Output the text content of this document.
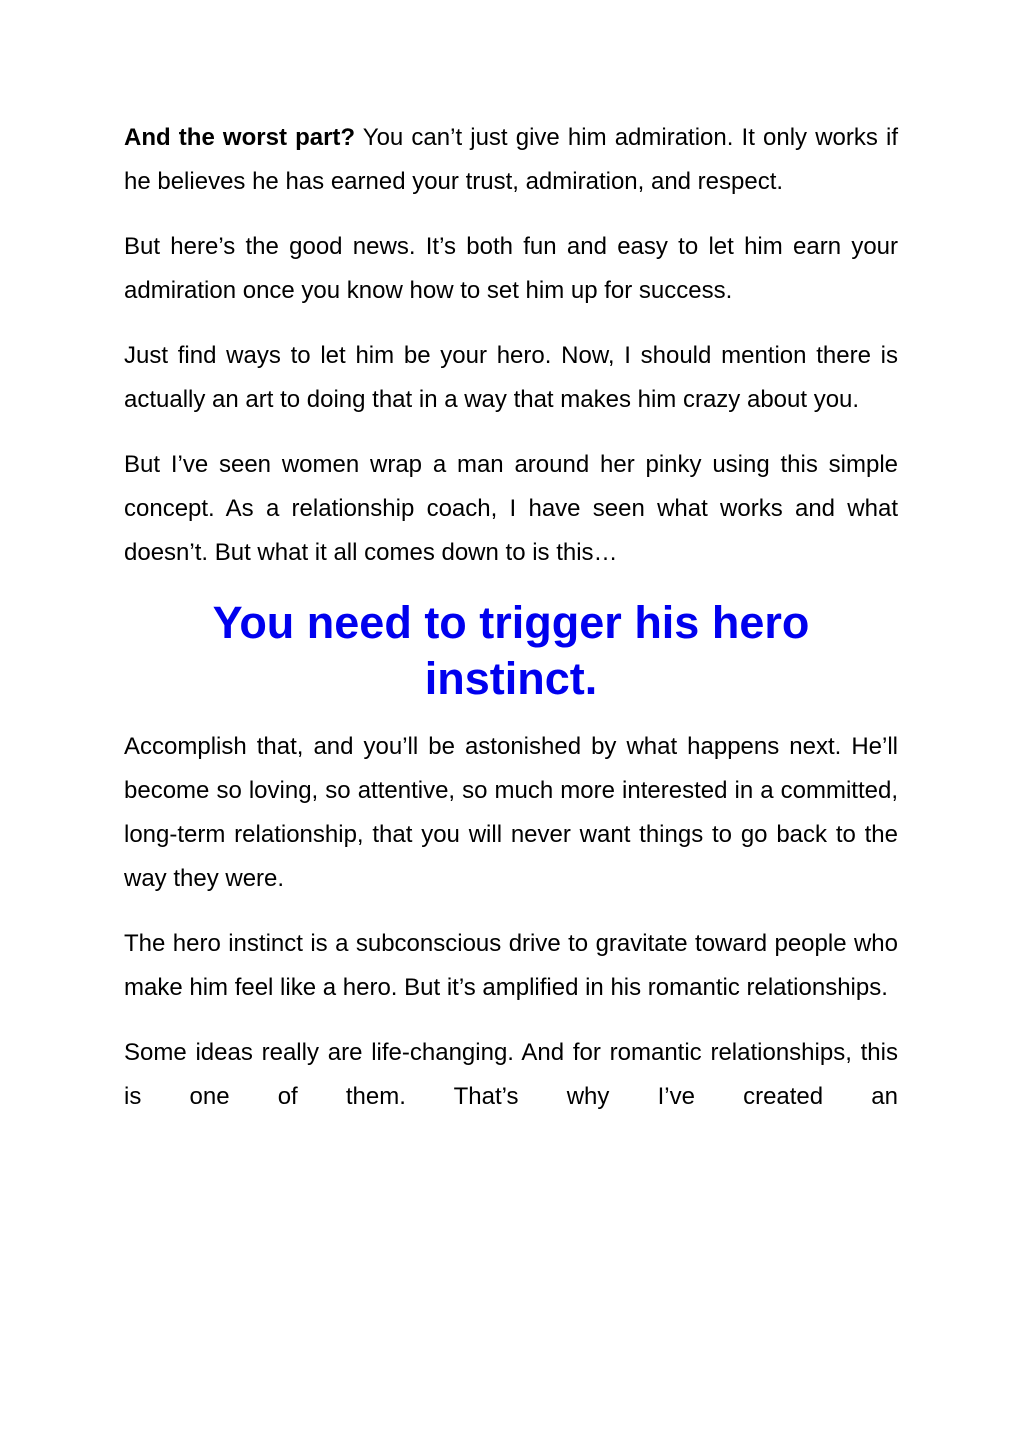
And the worst part? You can’t just give him admiration. It only works if he believes he has earned your trust, admiration, and respect.

But here’s the good news. It’s both fun and easy to let him earn your admiration once you know how to set him up for success.

Just find ways to let him be your hero. Now, I should mention there is actually an art to doing that in a way that makes him crazy about you.

But I’ve seen women wrap a man around her pinky using this simple concept. As a relationship coach, I have seen what works and what doesn’t. But what it all comes down to is this…

You need to trigger his hero instinct.

Accomplish that, and you’ll be astonished by what happens next. He’ll become so loving, so attentive, so much more interested in a committed, long-term relationship, that you will never want things to go back to the way they were.

The hero instinct is a subconscious drive to gravitate toward people who make him feel like a hero. But it’s amplified in his romantic relationships.

Some ideas really are life-changing. And for romantic relationships, this is one of them. That’s why I’ve created an
